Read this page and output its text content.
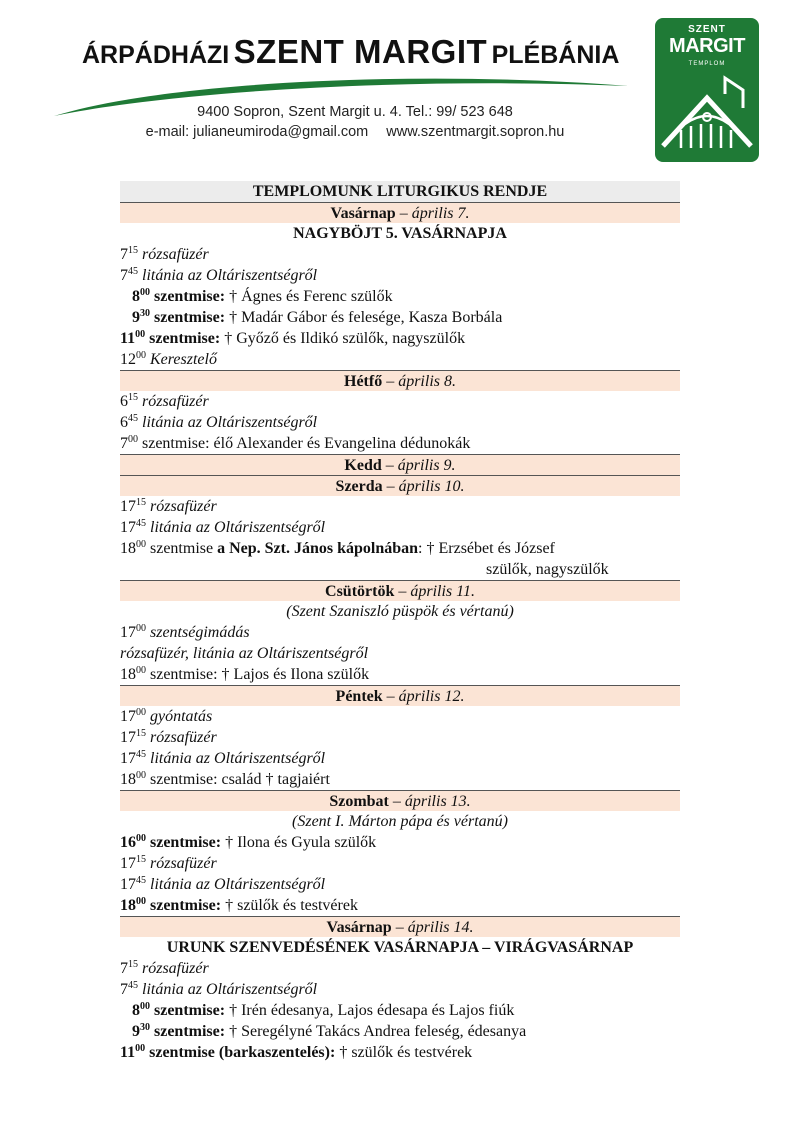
ÁRPÁDHÁZI SZENT MARGIT PLÉBÁNIA
9400 Sopron, Szent Margit u. 4. Tel.: 99/ 523 648
e-mail: julianeumiroda@gmail.com www.szentmargit.sopron.hu
SZENT
MARGIT
TEMPLOM
TEMPLOMUNK LITURGIKUS RENDJE
Vasárnap – április 7.
NAGYBÖJT 5. VASÁRNAPJA
$7^{15}$ rózsafüzér
$7^{45}$ litánia az Oltáriszentségről
$8^{00}$ szentmise: † Ágnes és Ferenc szülők
$9^{30}$ szentmise: † Madár Gábor és felesége, Kasza Borbála
$11^{00}$ szentmise: † Győző és Ildikó szülők, nagyszülők
$12^{00}$ Keresztelő
Hétfő – április 8.
$6^{15}$ rózsafüzér
$6^{45}$ litánia az Oltáriszentségről
$7^{00}$ szentmise: élő Alexander és Evangelina dédunokák
Kedd – április 9.
Szerda – április 10.
$17^{15}$ rózsafüzér
$17^{45}$ litánia az Oltáriszentségről
$18^{00}$ szentmise a Nep. Szt. János kápolnában: † Erzsébet és József
szülők, nagyszülők
Csütörtök – április 11.
(Szent Szaniszló püspök és vértanú)
$17^{00}$ szentségimádás
rózsafüzér, litánia az Oltáriszentségről
$18^{00}$ szentmise: † Lajos és Ilona szülők
Péntek – április 12.
$17^{00}$ gyóntatás
$17^{15}$ rózsafüzér
$17^{45}$ litánia az Oltáriszentségről
$18^{00}$ szentmise: család † tagjaiért
Szombat – április 13.
(Szent I. Márton pápa és vértanú)
$16^{00}$ szentmise: † Ilona és Gyula szülők
$17^{15}$ rózsafüzér
$17^{45}$ litánia az Oltáriszentségről
$18^{00}$ szentmise: † szülők és testvérek
Vasárnap – április 14.
URUNK SZENVEDÉSÉNEK VASÁRNAPJA – VIRÁGVASÁRNAP
$7^{15}$ rózsafüzér
$7^{45}$ litánia az Oltáriszentségről
$8^{00}$ szentmise: † Irén édesanya, Lajos édesapa és Lajos fiúk
$9^{30}$ szentmise: † Seregélyné Takács Andrea feleség, édesanya
$11^{00}$ szentmise (barkaszentelés): † szülők és testvérek
